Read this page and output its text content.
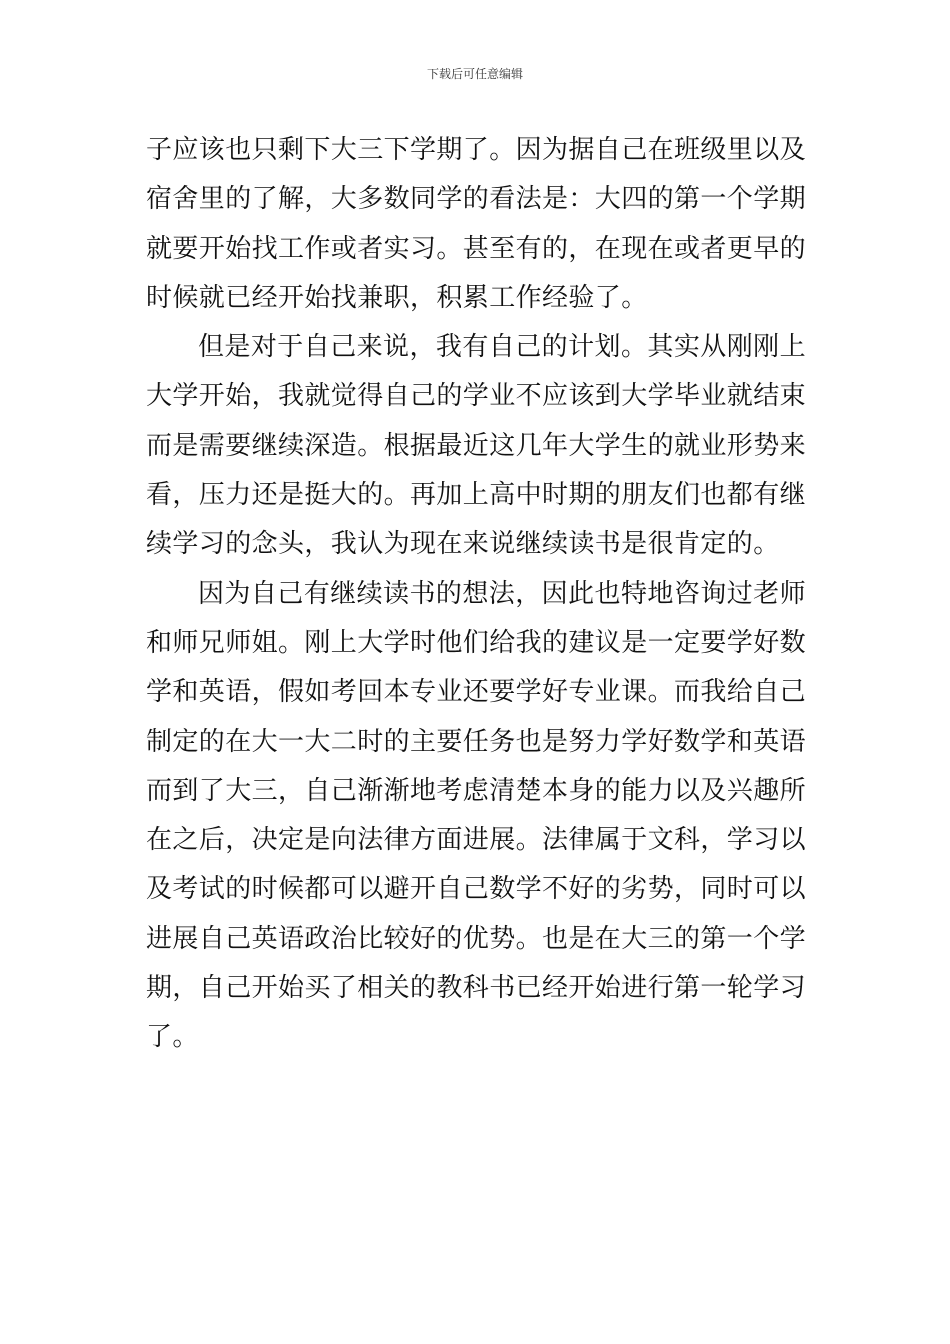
下载后可任意编辑

子应该也只剩下大三下学期了。因为据自己在班级里以及宿舍里的了解，大多数同学的看法是：大四的第一个学期就要开始找工作或者实习。甚至有的，在现在或者更早的时候就已经开始找兼职，积累工作经验了。

但是对于自己来说，我有自己的计划。其实从刚刚上大学开始，我就觉得自己的学业不应该到大学毕业就结束而是需要继续深造。根据最近这几年大学生的就业形势来看，压力还是挺大的。再加上高中时期的朋友们也都有继续学习的念头，我认为现在来说继续读书是很肯定的。

因为自己有继续读书的想法，因此也特地咨询过老师和师兄师姐。刚上大学时他们给我的建议是一定要学好数学和英语，假如考回本专业还要学好专业课。而我给自己制定的在大一大二时的主要任务也是努力学好数学和英语而到了大三，自己渐渐地考虑清楚本身的能力以及兴趣所在之后，决定是向法律方面进展。法律属于文科，学习以及考试的时候都可以避开自己数学不好的劣势，同时可以进展自己英语政治比较好的优势。也是在大三的第一个学期，自己开始买了相关的教科书已经开始进行第一轮学习了。
